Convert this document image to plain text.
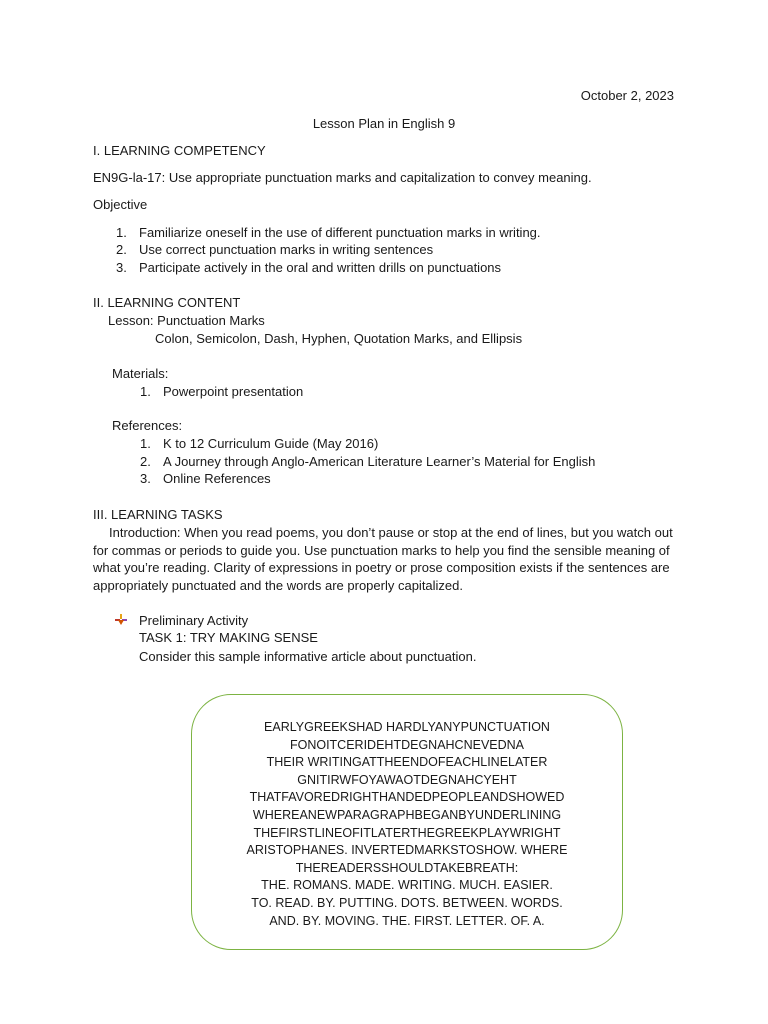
October 2, 2023
Lesson Plan in English 9
I. LEARNING COMPETENCY
EN9G-la-17: Use appropriate punctuation marks and capitalization to convey meaning.
Objective
1. Familiarize oneself in the use of different punctuation marks in writing.
2. Use correct punctuation marks in writing sentences
3. Participate actively in the oral and written drills on punctuations
II. LEARNING CONTENT
Lesson: Punctuation Marks
Colon, Semicolon, Dash, Hyphen, Quotation Marks, and Ellipsis
Materials:
1. Powerpoint presentation
References:
1. K to 12 Curriculum Guide (May 2016)
2. A Journey through Anglo-American Literature Learner’s Material for English
3. Online References
III. LEARNING TASKS
Introduction: When you read poems, you don’t pause or stop at the end of lines, but you watch out for commas or periods to guide you. Use punctuation marks to help you find the sensible meaning of what you’re reading. Clarity of expressions in poetry or prose composition exists if the sentences are appropriately punctuated and the words are properly capitalized.
Preliminary Activity
TASK 1: TRY MAKING SENSE
Consider this sample informative article about punctuation.
EARLYGREEKSHAD HARDLYANYPUNCTUATION
FONOITCERIDEHTDEGNAHCNEVEDNA
THEIR WRITINGATTHEENDOFEACHLINELATER
GNITIRWFOYAWAOTDEGNAHCYEHT
THATFAVOREDRIGHTHANDEDPEOPLEANDSHOWED
WHEREANEWPARAGRAPHBEGANBYUNDERLINING
THEFIRSTLINEOFITLATERTHEGREEKPLAYWRIGHT
ARISTOPHANES. INVERTEDMARKSTOSHOW. WHERE
THEREADERSSHOULDTAKEBREATH:
THE. ROMANS. MADE. WRITING. MUCH. EASIER.
TO. READ. BY. PUTTING. DOTS. BETWEEN. WORDS.
AND. BY. MOVING. THE. FIRST. LETTER. OF. A.
